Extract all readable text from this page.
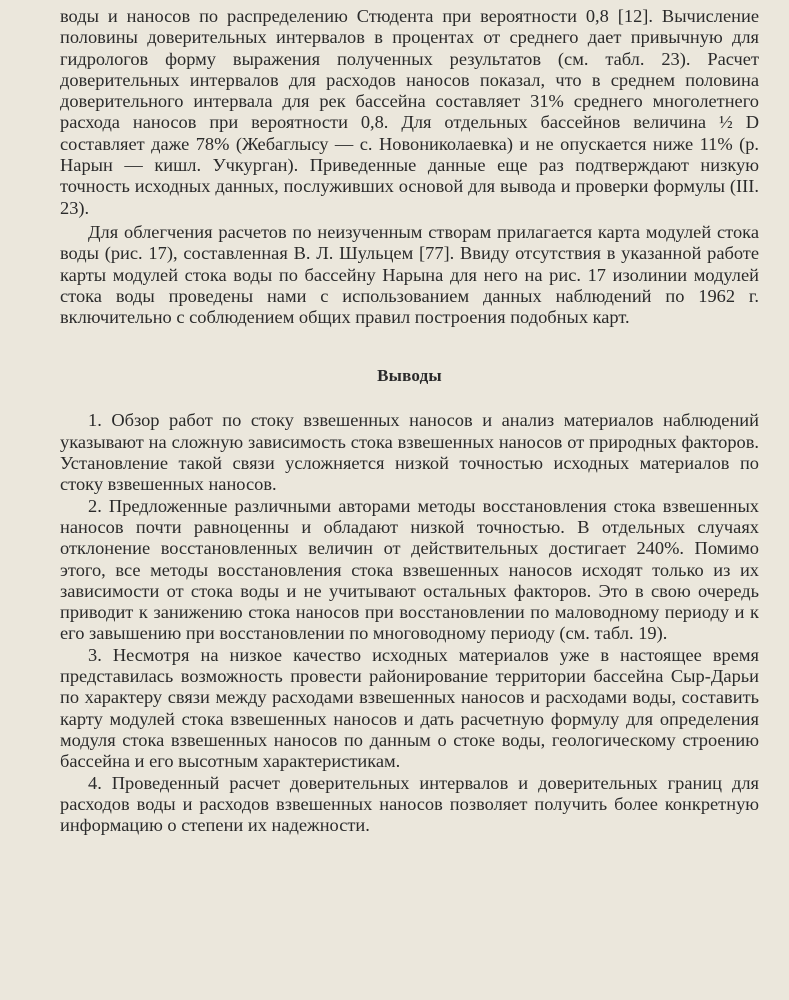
воды и наносов по распределению Стюдента при вероятности 0,8 [12]. Вычисление половины доверительных интервалов в процентах от среднего дает привычную для гидрологов форму выражения полученных результатов (см. табл. 23). Расчет доверительных интервалов для расходов наносов показал, что в среднем половина доверительного интервала для рек бассейна составляет 31% среднего многолетнего расхода наносов при вероятности 0,8. Для отдельных бассейнов величина ½ D составляет даже 78% (Жебаглысу — с. Новониколаевка) и не опускается ниже 11% (р. Нарын — кишл. Учкурган). Приведенные данные еще раз подтверждают низкую точность исходных данных, послуживших основой для вывода и проверки формулы (III. 23).

Для облегчения расчетов по неизученным створам прилагается карта модулей стока воды (рис. 17), составленная В. Л. Шульцем [77]. Ввиду отсутствия в указанной работе карты модулей стока воды по бассейну Нарына для него на рис. 17 изолинии модулей стока воды проведены нами с использованием данных наблюдений по 1962 г. включительно с соблюдением общих правил построения подобных карт.

Выводы

1. Обзор работ по стоку взвешенных наносов и анализ материалов наблюдений указывают на сложную зависимость стока взвешенных наносов от природных факторов. Установление такой связи усложняется низкой точностью исходных материалов по стоку взвешенных наносов.

2. Предложенные различными авторами методы восстановления стока взвешенных наносов почти равноценны и обладают низкой точностью. В отдельных случаях отклонение восстановленных величин от действительных достигает 240%. Помимо этого, все методы восстановления стока взвешенных наносов исходят только из их зависимости от стока воды и не учитывают остальных факторов. Это в свою очередь приводит к занижению стока наносов при восстановлении по маловодному периоду и к его завышению при восстановлении по многоводному периоду (см. табл. 19).

3. Несмотря на низкое качество исходных материалов уже в настоящее время представилась возможность провести районирование территории бассейна Сыр-Дарьи по характеру связи между расходами взвешенных наносов и расходами воды, составить карту модулей стока взвешенных наносов и дать расчетную формулу для определения модуля стока взвешенных наносов по данным о стоке воды, геологическому строению бассейна и его высотным характеристикам.

4. Проведенный расчет доверительных интервалов и доверительных границ для расходов воды и расходов взвешенных наносов позволяет получить более конкретную информацию о степени их надежности.
